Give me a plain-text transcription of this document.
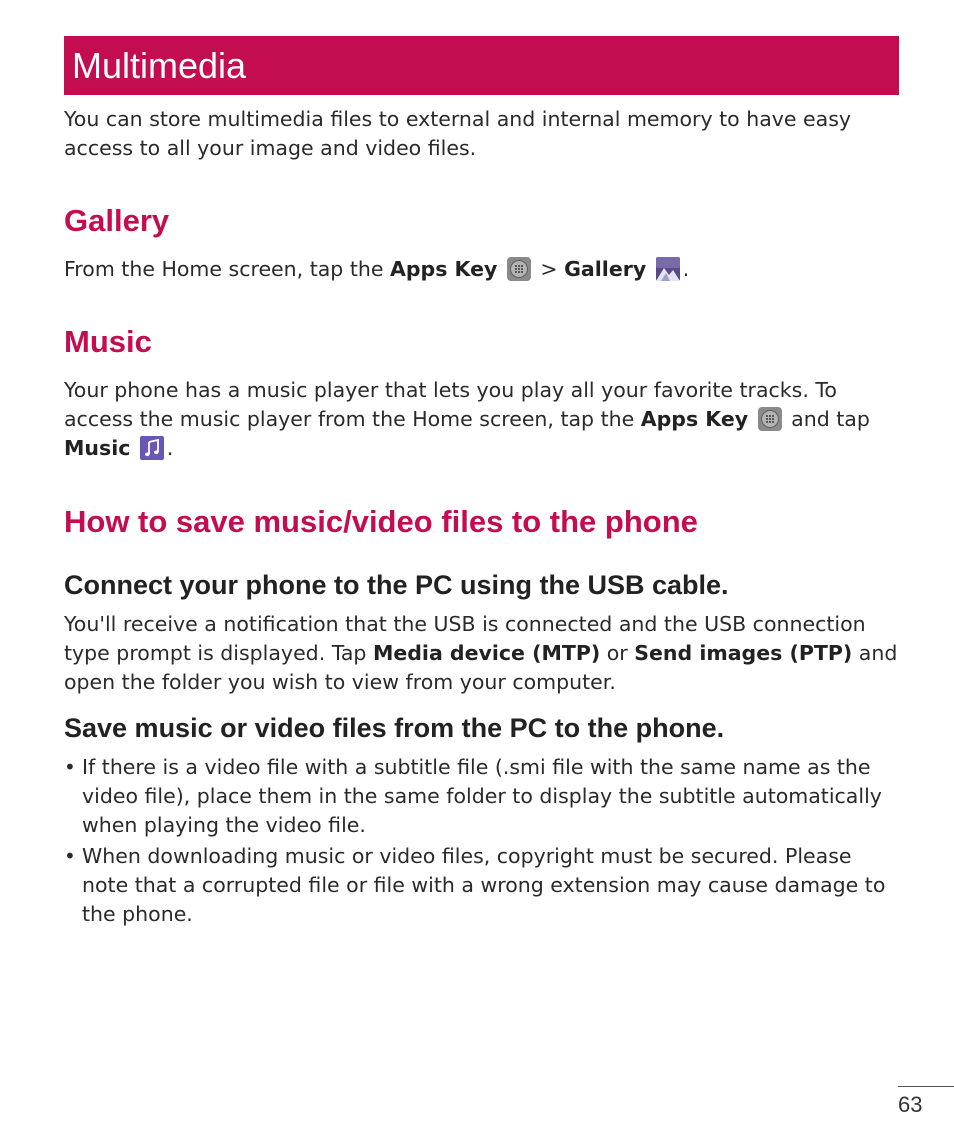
Multimedia
You can store multimedia files to external and internal memory to have easy access to all your image and video files.
Gallery
From the Home screen, tap the Apps Key  > Gallery .
Music
Your phone has a music player that lets you play all your favorite tracks. To access the music player from the Home screen, tap the Apps Key  and tap Music .
How to save music/video files to the phone
Connect your phone to the PC using the USB cable.
You'll receive a notification that the USB is connected and the USB connection type prompt is displayed. Tap Media device (MTP) or Send images (PTP) and open the folder you wish to view from your computer.
Save music or video files from the PC to the phone.
• If there is a video file with a subtitle file (.smi file with the same name as the video file), place them in the same folder to display the subtitle automatically when playing the video file.
• When downloading music or video files, copyright must be secured. Please note that a corrupted file or file with a wrong extension may cause damage to the phone.
63
